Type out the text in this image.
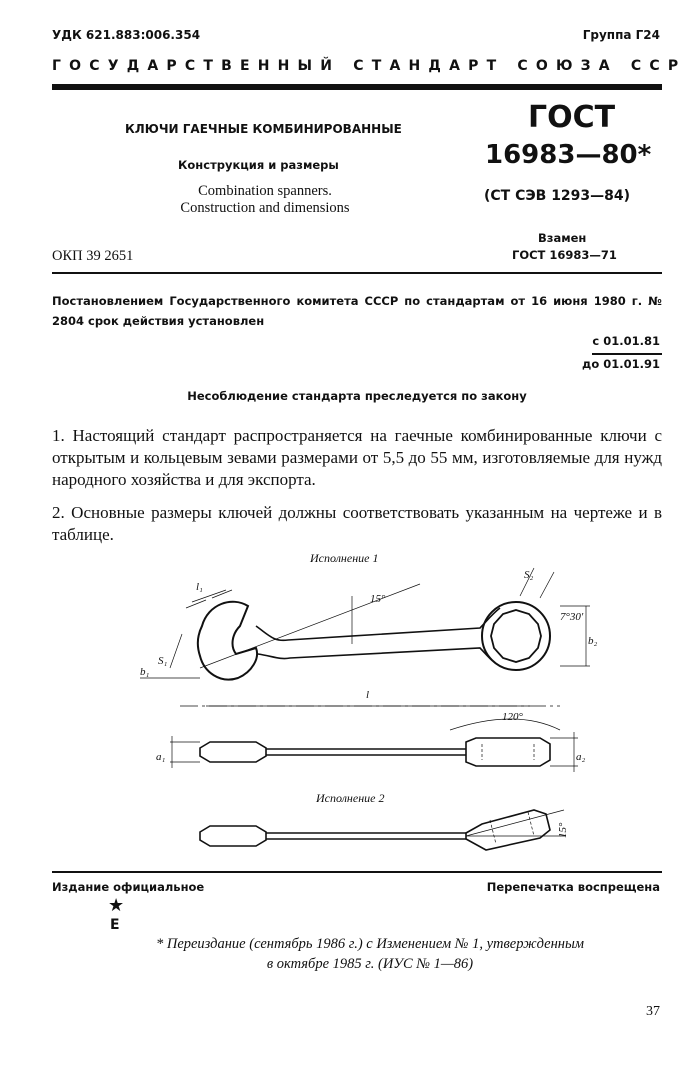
УДК 621.883:006.354	Группа Г24
ГОСУДАРСТВЕННЫЙ СТАНДАРТ СОЮЗА ССР
КЛЮЧИ ГАЕЧНЫЕ КОМБИНИРОВАННЫЕ
Конструкция и размеры
Combination spanners.
Construction and dimensions
ГОСТ
16983—80*
(СТ СЭВ 1293—84)
Взамен
ГОСТ 16983—71
ОКП 39 2651
Постановлением Государственного комитета СССР по стандартам от 16 июня 1980 г. № 2804 срок действия установлен
с 01.01.81
до 01.01.91
Несоблюдение стандарта преследуется по закону
1. Настоящий стандарт распространяется на гаечные комбинированные ключи с открытым и кольцевым зевами размерами от 5,5 до 55 мм, изготовляемые для нужд народного хозяйства и для экспорта.
2. Основные размеры ключей должны соответствовать указанным на чертеже и в таблице.
Исполнение 1
l₁
15°
S₁
b₁
S₂
7°30'
b₂
l
120°
a₁	a₂
Исполнение 2
15°
Издание официальное	Перепечатка воспрещена
★
Е
* Переиздание (сентябрь 1986 г.) с Изменением № 1, утвержденным
в октябре 1985 г. (ИУС № 1—86)
37
